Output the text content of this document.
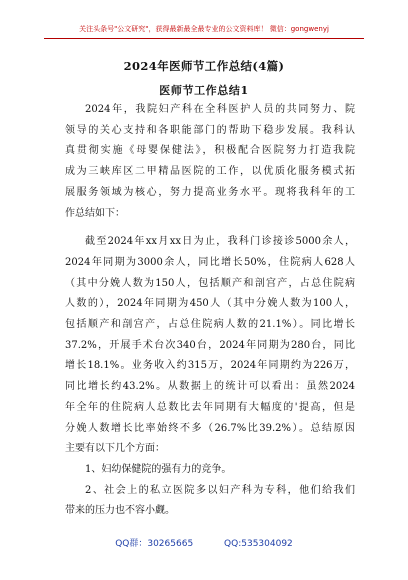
关注头条号"公文研究"，获得最新最全最专业的公文资料库！ 微信：gongwenyj
2024年医师节工作总结(4篇)
医师节工作总结1

2024年，我院妇产科在全科医护人员的共同努力、院
领导的关心支持和各职能部门的帮助下稳步发展。我科认
真贯彻实施《母婴保健法》，积极配合医院努力打造我院
成为三峡库区二甲精品医院的工作，以优质化服务模式拓
展服务领域为核心，努力提高业务水平。现将我科年的工
作总结如下：

截至2024年xx月xx日为止，我科门诊接诊5000余人，
2024年同期为3000余人，同比增长50%，住院病人628人
（其中分娩人数为150人，包括顺产和剖宫产，占总住院病
人数的），2024年同期为450人（其中分娩人数为100人，
包括顺产和剖宫产，占总住院病人数的21.1%）。同比增长
37.2%，开展手术台次340台，2024年同期为280台，同比
增长18.1%。业务收入约315万，2024年同期约为226万，
同比增长约43.2%。从数据上的统计可以看出：虽然2024
年全年的住院病人总数比去年同期有大幅度的'提高，但是
分娩人数增长比率始终不多（26.7%比39.2%）。总结原因
主要有以下几个方面：

1、妇幼保健院的强有力的竞争。

2、社会上的私立医院多以妇产科为专科，他们给我们
带来的压力也不容小觑。

QQ群：30265665	QQ:535304092
